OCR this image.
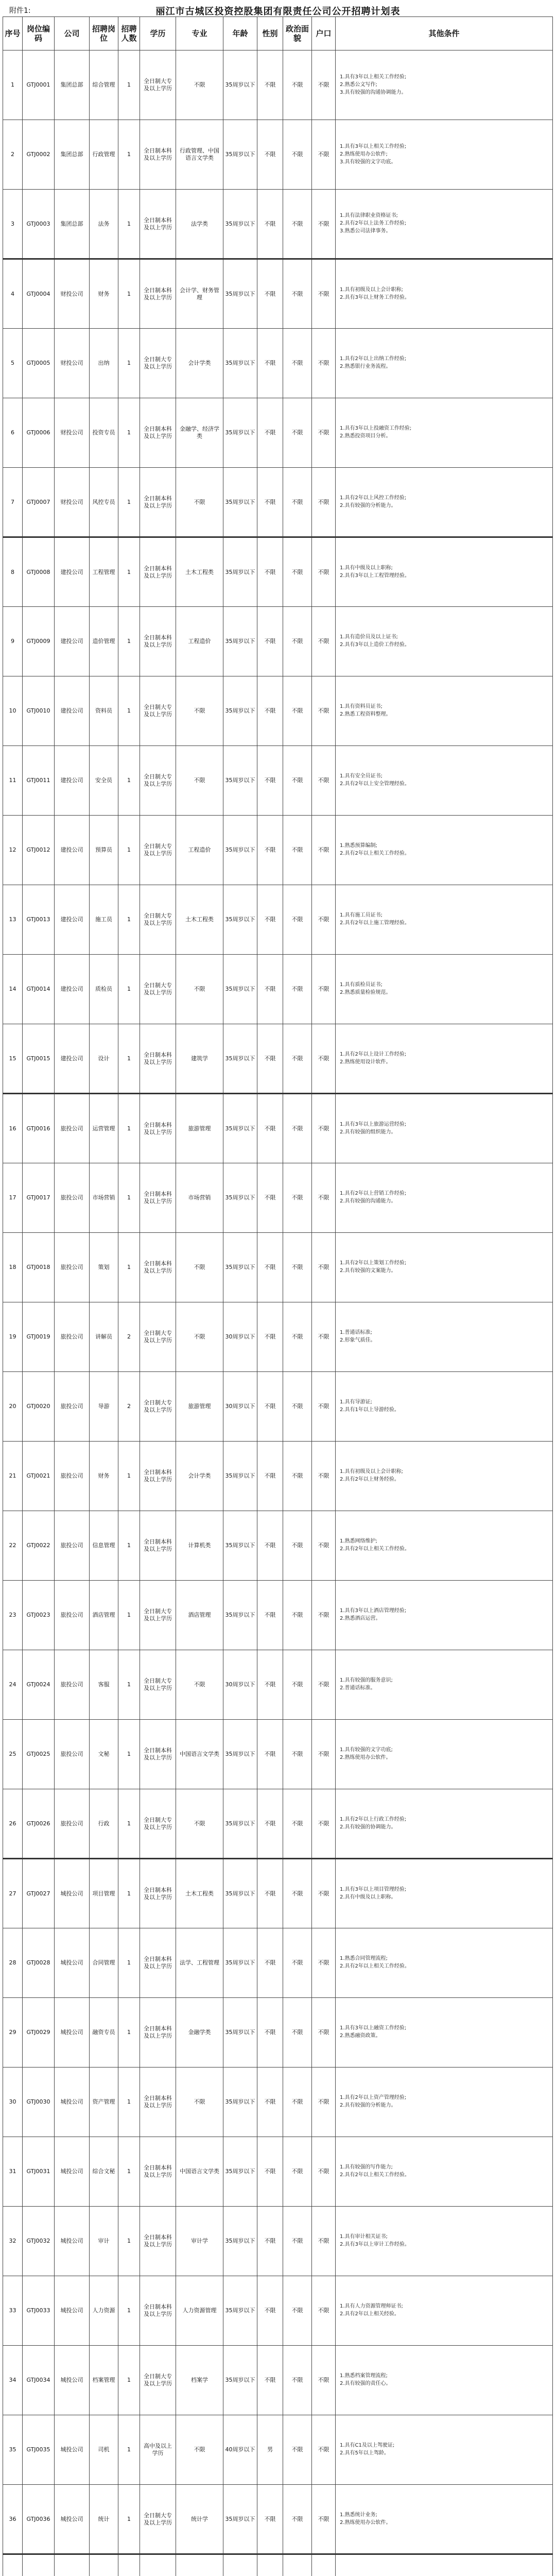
附件1:	丽江市古城区投资控股集团有限责任公司公开招聘计划表
序号	岗位编码	公司	招聘岗位	招聘人数	学历	专业	年龄	性别	政治面貌	户口	其他条件
1	GTJ0001	集团总部	综合管理	1	全日制大专及以上学历	不限	35周岁以下	不限	不限	不限	1.具有3年以上相关工作经验;
2.熟悉公文写作;
3.具有较强的沟通协调能力。

2	GTJ0002	集团总部	行政管理	1	全日制本科及以上学历	行政管理、中国语言文学类	35周岁以下	不限	不限	不限	1.具有3年以上相关工作经验;
2.熟练使用办公软件;
3.具有较强的文字功底。

3	GTJ0003	集团总部	法务	1	全日制本科及以上学历	法学类	35周岁以下	不限	不限	不限	1.具有法律职业资格证书;
2.具有2年以上法务工作经验;
3.熟悉公司法律事务。

4	GTJ0004	财投公司	财务	1	全日制本科及以上学历	会计学、财务管理	35周岁以下	不限	不限	不限	1.具有初级及以上会计职称;
2.具有3年以上财务工作经验。

5	GTJ0005	财投公司	出纳	1	全日制大专及以上学历	会计学类	35周岁以下	不限	不限	不限	1.具有2年以上出纳工作经验;
2.熟悉银行业务流程。

6	GTJ0006	财投公司	投资专员	1	全日制本科及以上学历	金融学、经济学类	35周岁以下	不限	不限	不限	1.具有3年以上投融资工作经验;
2.熟悉投资项目分析。

7	GTJ0007	财投公司	风控专员	1	全日制本科及以上学历	不限	35周岁以下	不限	不限	不限	1.具有2年以上风控工作经验;
2.具有较强的分析能力。

8	GTJ0008	建投公司	工程管理	1	全日制本科及以上学历	土木工程类	35周岁以下	不限	不限	不限	1.具有中级及以上职称;
2.具有3年以上工程管理经验。

9	GTJ0009	建投公司	造价管理	1	全日制本科及以上学历	工程造价	35周岁以下	不限	不限	不限	1.具有造价员及以上证书;
2.具有3年以上造价工作经验。

10	GTJ0010	建投公司	资料员	1	全日制大专及以上学历	不限	35周岁以下	不限	不限	不限	1.具有资料员证书;
2.熟悉工程资料整理。

11	GTJ0011	建投公司	安全员	1	全日制大专及以上学历	不限	35周岁以下	不限	不限	不限	1.具有安全员证书;
2.具有2年以上安全管理经验。

12	GTJ0012	建投公司	预算员	1	全日制大专及以上学历	工程造价	35周岁以下	不限	不限	不限	1.熟悉预算编制;
2.具有2年以上相关工作经验。

13	GTJ0013	建投公司	施工员	1	全日制大专及以上学历	土木工程类	35周岁以下	不限	不限	不限	1.具有施工员证书;
2.具有2年以上施工管理经验。

14	GTJ0014	建投公司	质检员	1	全日制大专及以上学历	不限	35周岁以下	不限	不限	不限	1.具有质检员证书;
2.熟悉质量检验规范。

15	GTJ0015	建投公司	设计	1	全日制本科及以上学历	建筑学	35周岁以下	不限	不限	不限	1.具有2年以上设计工作经验;
2.熟练使用设计软件。

16	GTJ0016	旅投公司	运营管理	1	全日制本科及以上学历	旅游管理	35周岁以下	不限	不限	不限	1.具有3年以上旅游运营经验;
2.具有较强的组织能力。

17	GTJ0017	旅投公司	市场营销	1	全日制本科及以上学历	市场营销	35周岁以下	不限	不限	不限	1.具有2年以上营销工作经验;
2.具有较强的沟通能力。

18	GTJ0018	旅投公司	策划	1	全日制本科及以上学历	不限	35周岁以下	不限	不限	不限	1.具有2年以上策划工作经验;
2.具有较强的文案能力。

19	GTJ0019	旅投公司	讲解员	2	全日制大专及以上学历	不限	30周岁以下	不限	不限	不限	1.普通话标准;
2.形象气质佳。

20	GTJ0020	旅投公司	导游	2	全日制大专及以上学历	旅游管理	30周岁以下	不限	不限	不限	1.具有导游证;
2.具有1年以上导游经验。

21	GTJ0021	旅投公司	财务	1	全日制本科及以上学历	会计学类	35周岁以下	不限	不限	不限	1.具有初级及以上会计职称;
2.具有2年以上财务经验。

22	GTJ0022	旅投公司	信息管理	1	全日制本科及以上学历	计算机类	35周岁以下	不限	不限	不限	1.熟悉网络维护;
2.具有2年以上相关工作经验。

23	GTJ0023	旅投公司	酒店管理	1	全日制大专及以上学历	酒店管理	35周岁以下	不限	不限	不限	1.具有3年以上酒店管理经验;
2.熟悉酒店运营。

24	GTJ0024	旅投公司	客服	1	全日制大专及以上学历	不限	30周岁以下	不限	不限	不限	1.具有较强的服务意识;
2.普通话标准。

25	GTJ0025	旅投公司	文秘	1	全日制本科及以上学历	中国语言文学类	35周岁以下	不限	不限	不限	1.具有较强的文字功底;
2.熟练使用办公软件。

26	GTJ0026	旅投公司	行政	1	全日制大专及以上学历	不限	35周岁以下	不限	不限	不限	1.具有2年以上行政工作经验;
2.具有较强的协调能力。

27	GTJ0027	城投公司	项目管理	1	全日制本科及以上学历	土木工程类	35周岁以下	不限	不限	不限	1.具有3年以上项目管理经验;
2.具有中级及以上职称。

28	GTJ0028	城投公司	合同管理	1	全日制本科及以上学历	法学、工程管理	35周岁以下	不限	不限	不限	1.熟悉合同管理流程;
2.具有2年以上相关工作经验。

29	GTJ0029	城投公司	融资专员	1	全日制本科及以上学历	金融学类	35周岁以下	不限	不限	不限	1.具有3年以上融资工作经验;
2.熟悉融资政策。

30	GTJ0030	城投公司	资产管理	1	全日制本科及以上学历	不限	35周岁以下	不限	不限	不限	1.具有2年以上资产管理经验;
2.具有较强的分析能力。

31	GTJ0031	城投公司	综合文秘	1	全日制本科及以上学历	中国语言文学类	35周岁以下	不限	不限	不限	1.具有较强的写作能力;
2.具有2年以上相关工作经验。

32	GTJ0032	城投公司	审计	1	全日制本科及以上学历	审计学	35周岁以下	不限	不限	不限	1.具有审计相关证书;
2.具有3年以上审计工作经验。

33	GTJ0033	城投公司	人力资源	1	全日制本科及以上学历	人力资源管理	35周岁以下	不限	不限	不限	1.具有人力资源管理师证书;
2.具有2年以上相关经验。

34	GTJ0034	城投公司	档案管理	1	全日制大专及以上学历	档案学	35周岁以下	不限	不限	不限	1.熟悉档案管理流程;
2.具有较强的责任心。

35	GTJ0035	城投公司	司机	1	高中及以上学历	不限	40周岁以下	男	不限	不限	1.具有C1及以上驾驶证;
2.具有5年以上驾龄。

36	GTJ0036	城投公司	统计	1	全日制大专及以上学历	统计学	35周岁以下	不限	不限	不限	1.熟悉统计业务;
2.熟练使用办公软件。
